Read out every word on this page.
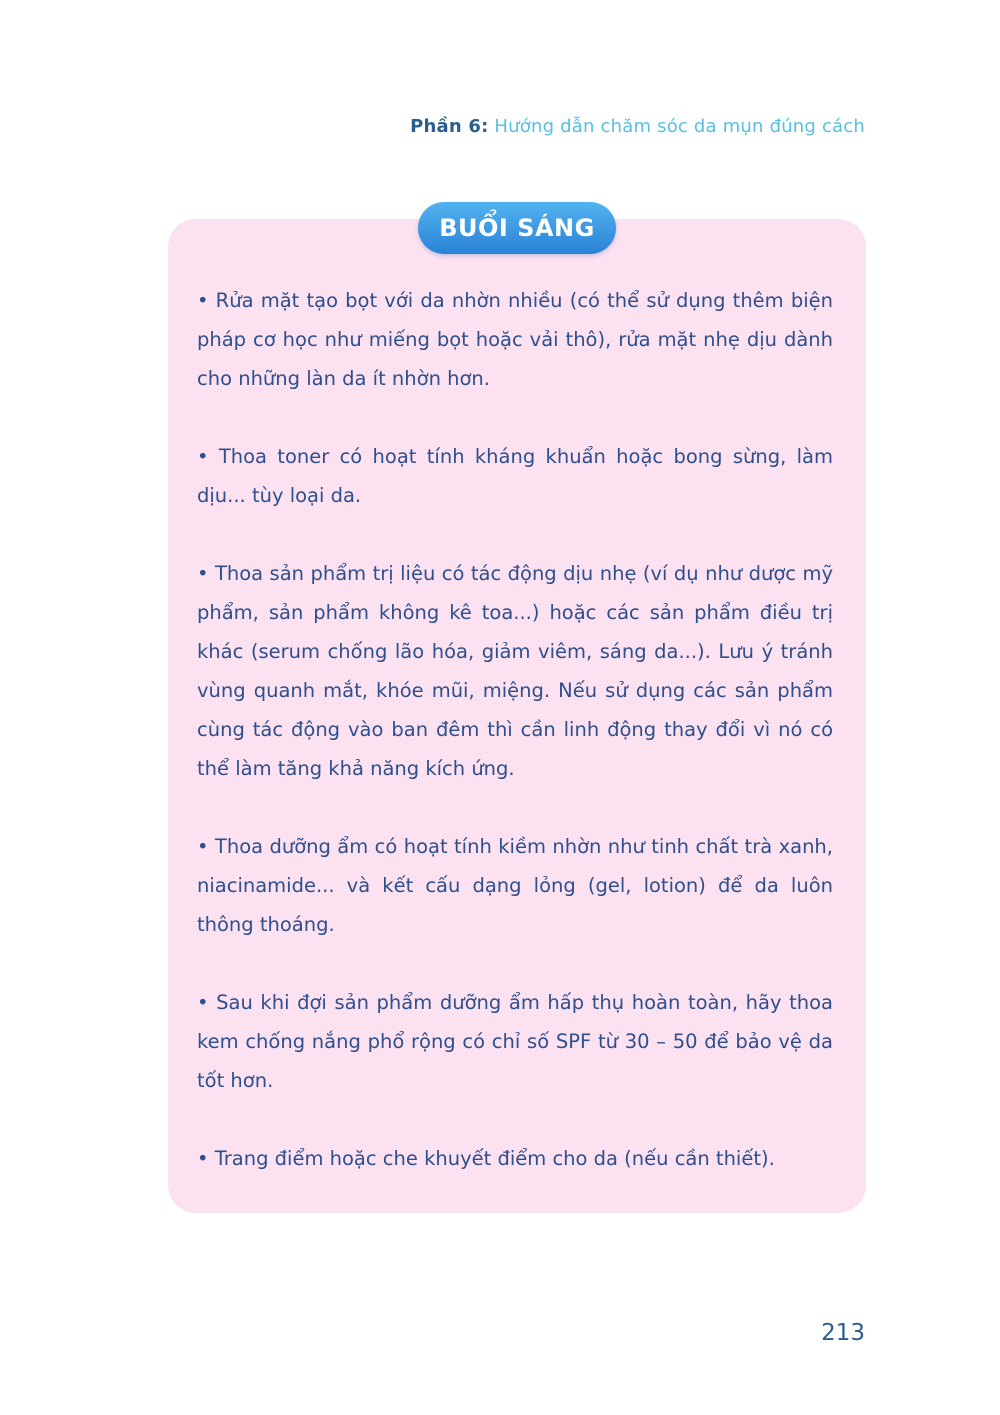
Phần 6: Hướng dẫn chăm sóc da mụn đúng cách
BUỔI SÁNG

• Rửa mặt tạo bọt với da nhờn nhiều (có thể sử dụng thêm biện pháp cơ học như miếng bọt hoặc vải thô), rửa mặt nhẹ dịu dành cho những làn da ít nhờn hơn.

• Thoa toner có hoạt tính kháng khuẩn hoặc bong sừng, làm dịu... tùy loại da.

• Thoa sản phẩm trị liệu có tác động dịu nhẹ (ví dụ như dược mỹ phẩm, sản phẩm không kê toa...) hoặc các sản phẩm điều trị khác (serum chống lão hóa, giảm viêm, sáng da...). Lưu ý tránh vùng quanh mắt, khóe mũi, miệng. Nếu sử dụng các sản phẩm cùng tác động vào ban đêm thì cần linh động thay đổi vì nó có thể làm tăng khả năng kích ứng.

• Thoa dưỡng ẩm có hoạt tính kiềm nhờn như tinh chất trà xanh, niacinamide... và kết cấu dạng lỏng (gel, lotion) để da luôn thông thoáng.

• Sau khi đợi sản phẩm dưỡng ẩm hấp thụ hoàn toàn, hãy thoa kem chống nắng phổ rộng có chỉ số SPF từ 30 – 50 để bảo vệ da tốt hơn.

• Trang điểm hoặc che khuyết điểm cho da (nếu cần thiết).

213
